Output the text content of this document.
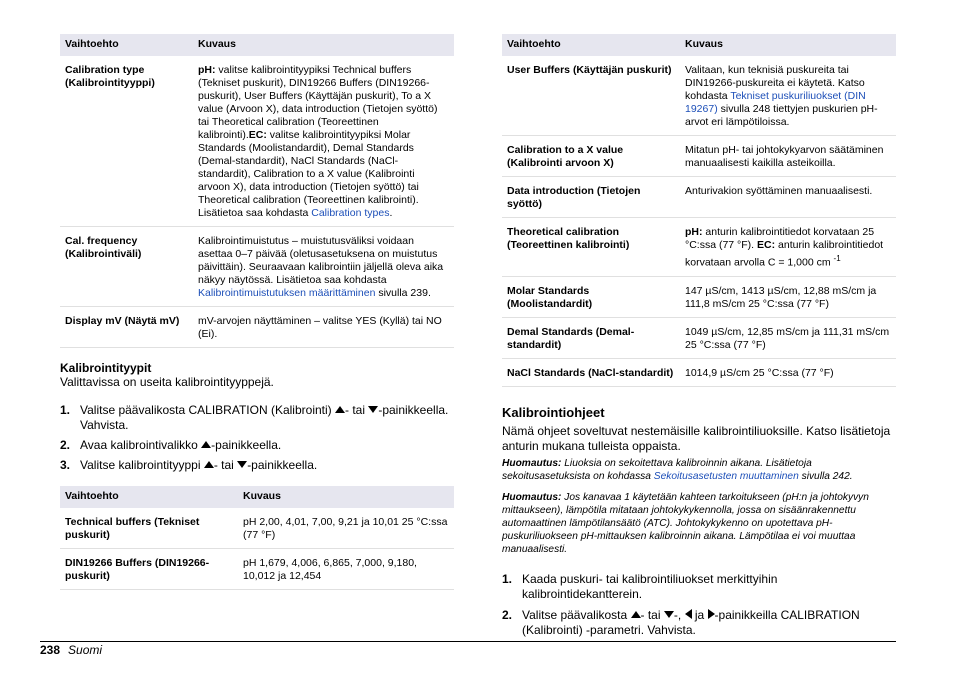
Vaihtoehto	Kuvaus
Calibration type (Kalibrointityyppi)	pH: valitse kalibrointityypiksi Technical buffers (Tekniset puskurit), DIN19266 Buffers (DIN19266-puskurit), User Buffers (Käyttäjän puskurit), To a X value (Arvoon X), data introduction (Tietojen syöttö) tai Theoretical calibration (Teoreettinen kalibrointi).EC: valitse kalibrointityypiksi Molar Standards (Moolistandardit), Demal Standards (Demal-standardit), NaCl Standards (NaCl-standardit), Calibration to a X value (Kalibrointi arvoon X), data introduction (Tietojen syöttö) tai Theoretical calibration (Teoreettinen kalibrointi). Lisätietoa saa kohdasta Calibration types.
Cal. frequency (Kalibrointiväli)	Kalibrointimuistutus – muistutusväliksi voidaan asettaa 0–7 päivää (oletusasetuksena on muistutus päivittäin). Seuraavaan kalibrointiin jäljellä oleva aika näkyy näytössä. Lisätietoa saa kohdasta Kalibrointimuistutuksen määrittäminen sivulla 239.
Display mV (Näytä mV)	mV-arvojen näyttäminen – valitse YES (Kyllä) tai NO (Ei).
Kalibrointityypit

Valittavissa on useita kalibrointityyppejä.

1. Valitse päävalikosta CALIBRATION (Kalibrointi) - tai -painikkeella. Vahvista.
2. Avaa kalibrointivalikko -painikkeella.
3. Valitse kalibrointityyppi - tai -painikkeella.
Vaihtoehto	Kuvaus
Technical buffers (Tekniset puskurit)	pH 2,00, 4,01, 7,00, 9,21 ja 10,01 25 °C:ssa (77 °F)
DIN19266 Buffers (DIN19266-puskurit)	pH 1,679, 4,006, 6,865, 7,000, 9,180, 10,012 ja 12,454
Vaihtoehto	Kuvaus
User Buffers (Käyttäjän puskurit)	Valitaan, kun teknisiä puskureita tai DIN19266-puskureita ei käytetä. Katso kohdasta Tekniset puskuriliuokset (DIN 19267) sivulla 248 tiettyjen puskurien pH-arvot eri lämpötiloissa.
Calibration to a X value (Kalibrointi arvoon X)	Mitatun pH- tai johtokykyarvon säätäminen manuaalisesti kaikilla asteikoilla.
Data introduction (Tietojen syöttö)	Anturivakion syöttäminen manuaalisesti.
Theoretical calibration (Teoreettinen kalibrointi)	pH: anturin kalibrointitiedot korvataan 25 °C:ssa (77 °F). EC: anturin kalibrointitiedot korvataan arvolla C = 1,000 cm $^{-1}$
Molar Standards (Moolistandardit)	147 µS/cm, 1413 µS/cm, 12,88 mS/cm ja 111,8 mS/cm 25 °C:ssa (77 °F)
Demal Standards (Demal-standardit)	1049 µS/cm, 12,85 mS/cm ja 111,31 mS/cm 25 °C:ssa (77 °F)
NaCl Standards (NaCl-standardit)	1014,9 µS/cm 25 °C:ssa (77 °F)
Kalibrointiohjeet

Nämä ohjeet soveltuvat nestemäisille kalibrointiliuoksille. Katso lisätietoja anturin mukana tulleista oppaista.

Huomautus: Liuoksia on sekoitettava kalibroinnin aikana. Lisätietoja sekoitusasetuksista on kohdassa Sekoitusasetusten muuttaminen sivulla 242.

Huomautus: Jos kanavaa 1 käytetään kahteen tarkoitukseen (pH:n ja johtokyvyn mittaukseen), lämpötila mitataan johtokykykennolla, jossa on sisäänrakennettu automaattinen lämpötilansäätö (ATC). Johtokykykenno on upotettava pH-puskuriliuokseen pH-mittauksen kalibroinnin aikana. Lämpötilaa ei voi muuttaa manuaalisesti.

1. Kaada puskuri- tai kalibrointiliuokset merkittyihin kalibrointidekantterein.
2. Valitse päävalikosta - tai -,  ja -painikkeilla CALIBRATION (Kalibrointi) -parametri. Vahvista.
238 Suomi
